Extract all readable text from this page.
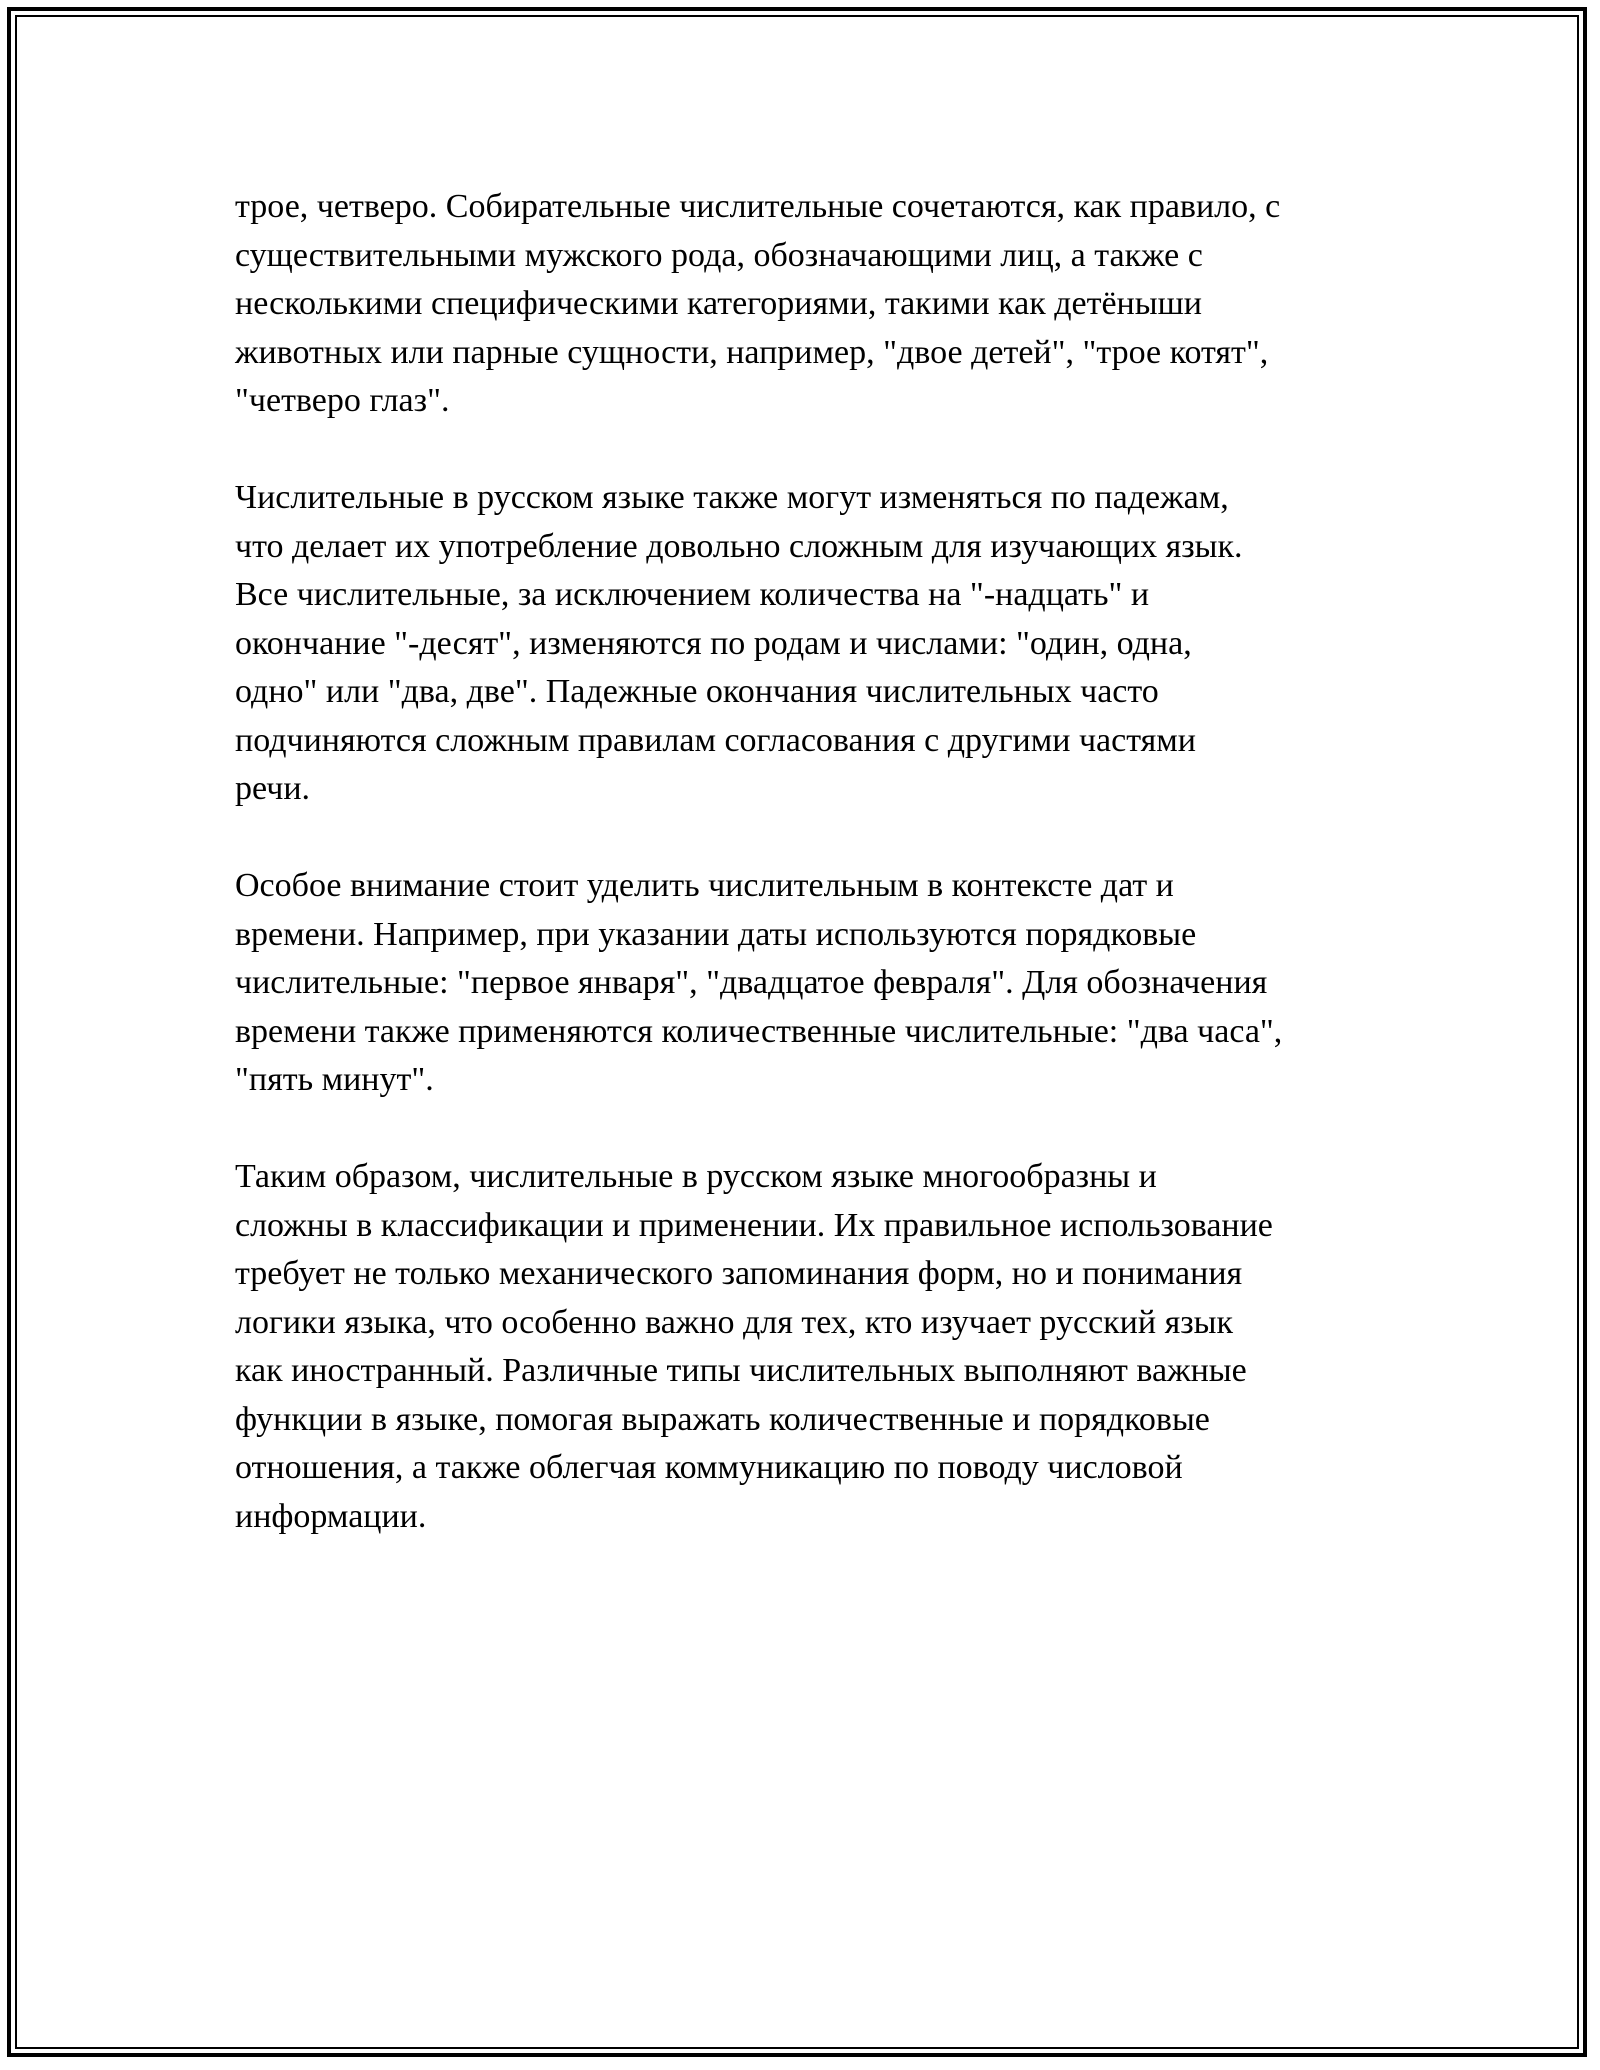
трое, четверо. Собирательные числительные сочетаются, как правило, с
существительными мужского рода, обозначающими лиц, а также с
несколькими специфическими категориями, такими как детёныши
животных или парные сущности, например, "двое детей", "трое котят",
"четверо глаз".

Числительные в русском языке также могут изменяться по падежам,
что делает их употребление довольно сложным для изучающих язык.
Все числительные, за исключением количества на "-надцать" и
окончание "-десят", изменяются по родам и числами: "один, одна,
одно" или "два, две". Падежные окончания числительных часто
подчиняются сложным правилам согласования с другими частями
речи.

Особое внимание стоит уделить числительным в контексте дат и
времени. Например, при указании даты используются порядковые
числительные: "первое января", "двадцатое февраля". Для обозначения
времени также применяются количественные числительные: "два часа",
"пять минут".

Таким образом, числительные в русском языке многообразны и
сложны в классификации и применении. Их правильное использование
требует не только механического запоминания форм, но и понимания
логики языка, что особенно важно для тех, кто изучает русский язык
как иностранный. Различные типы числительных выполняют важные
функции в языке, помогая выражать количественные и порядковые
отношения, а также облегчая коммуникацию по поводу числовой
информации.
